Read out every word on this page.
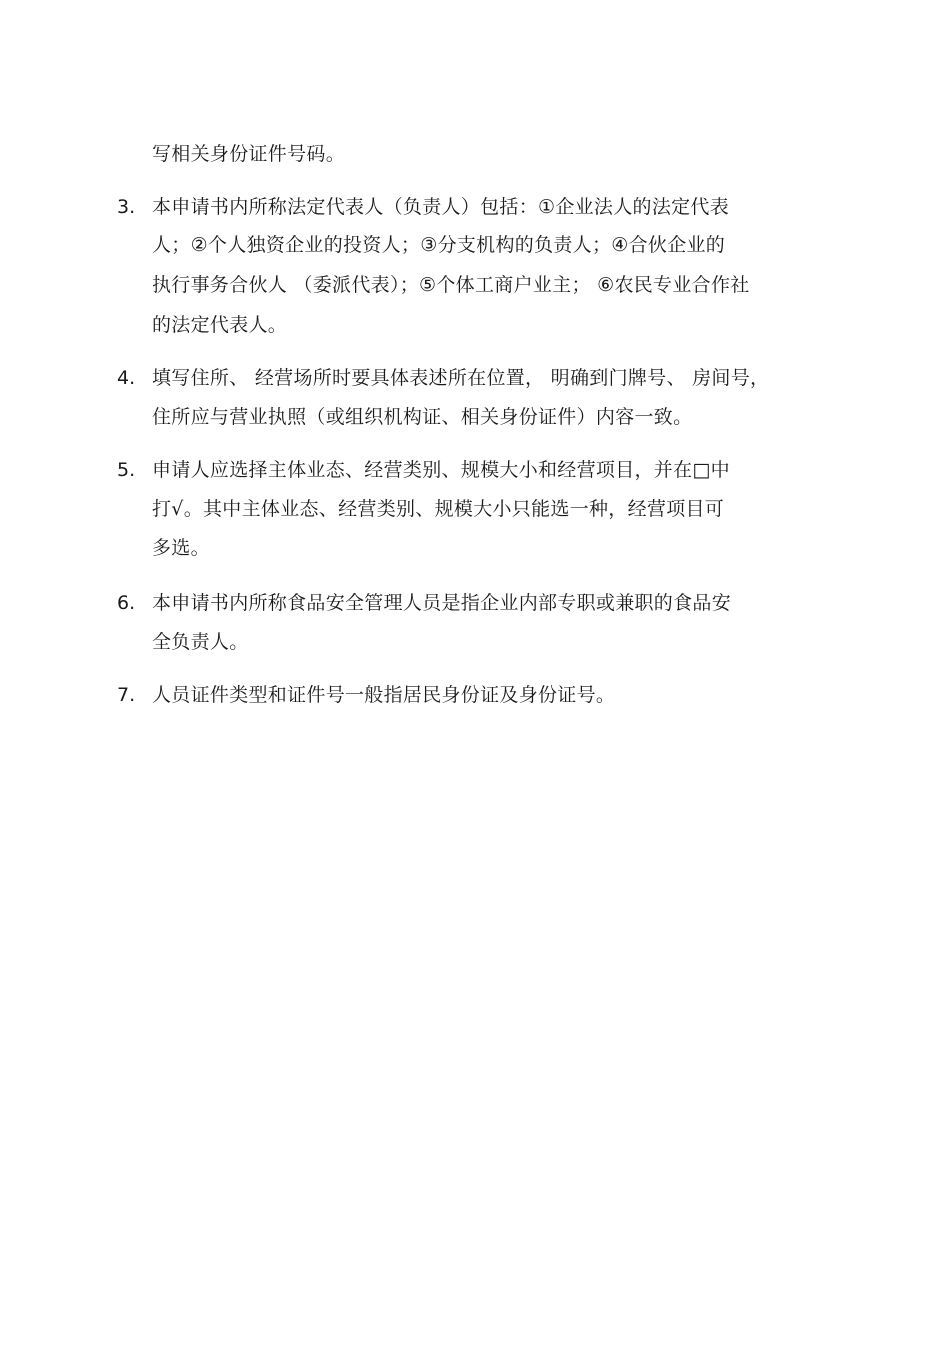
写相关身份证件号码。
3. 本申请书内所称法定代表人（负责人）包括：①企业法人的法定代表
人；②个人独资企业的投资人；③分支机构的负责人；④合伙企业的
执行事务合伙人 （委派代表）；⑤个体工商户业主； ⑥农民专业合作社
的法定代表人。
4. 填写住所、 经营场所时要具体表述所在位置， 明确到门牌号、 房间号，
住所应与营业执照（或组织机构证、相关身份证件）内容一致。
5. 申请人应选择主体业态、经营类别、规模大小和经营项目，并在□中
打√。其中主体业态、经营类别、规模大小只能选一种，经营项目可
多选。
6. 本申请书内所称食品安全管理人员是指企业内部专职或兼职的食品安
全负责人。
7. 人员证件类型和证件号一般指居民身份证及身份证号。
